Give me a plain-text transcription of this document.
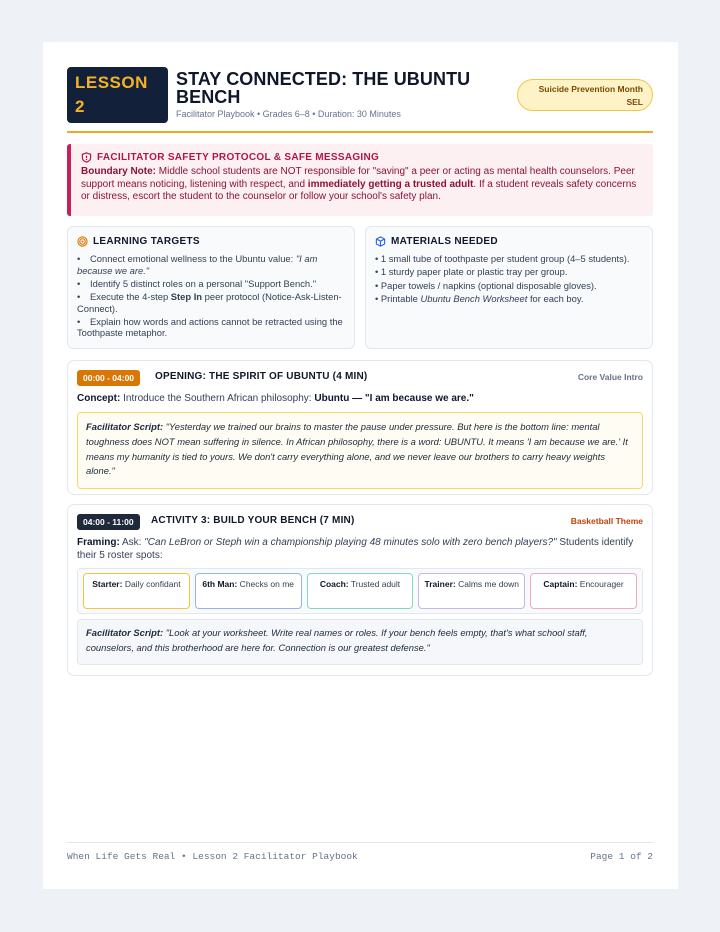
LESSON 2
STAY CONNECTED: THE UBUNTU BENCH
Facilitator Playbook • Grades 6–8 • Duration: 30 Minutes
Suicide Prevention Month
SEL
FACILITATOR SAFETY PROTOCOL & SAFE MESSAGING
Boundary Note: Middle school students are NOT responsible for "saving" a peer or acting as mental health counselors. Peer support means noticing, listening with respect, and immediately getting a trusted adult. If a student reveals safety concerns or distress, escort the student to the counselor or follow your school's safety plan.
LEARNING TARGETS
• Connect emotional wellness to the Ubuntu value: "I am because we are."
• Identify 5 distinct roles on a personal "Support Bench."
• Execute the 4-step Step In peer protocol (Notice-Ask-Listen-Connect).
• Explain how words and actions cannot be retracted using the Toothpaste metaphor.
MATERIALS NEEDED
• 1 small tube of toothpaste per student group (4–5 students).
• 1 sturdy paper plate or plastic tray per group.
• Paper towels / napkins (optional disposable gloves).
• Printable Ubuntu Bench Worksheet for each boy.
00:00 - 04:00	OPENING: THE SPIRIT OF UBUNTU (4 MIN)	Core Value Intro
Concept: Introduce the Southern African philosophy: Ubuntu — "I am because we are."
Facilitator Script: "Yesterday we trained our brains to master the pause under pressure. But here is the bottom line: mental toughness does NOT mean suffering in silence. In African philosophy, there is a word: UBUNTU. It means 'I am because we are.' It means my humanity is tied to yours. We don't carry everything alone, and we never leave our brothers to carry heavy weights alone."
04:00 - 11:00	ACTIVITY 3: BUILD YOUR BENCH (7 MIN)	Basketball Theme
Framing: Ask: "Can LeBron or Steph win a championship playing 48 minutes solo with zero bench players?" Students identify their 5 roster spots:
Starter: Daily confidant	6th Man: Checks on me	Coach: Trusted adult	Trainer: Calms me down	Captain: Encourager
Facilitator Script: "Look at your worksheet. Write real names or roles. If your bench feels empty, that's what school staff, counselors, and this brotherhood are here for. Connection is our greatest defense."
When Life Gets Real • Lesson 2 Facilitator Playbook	Page 1 of 2
